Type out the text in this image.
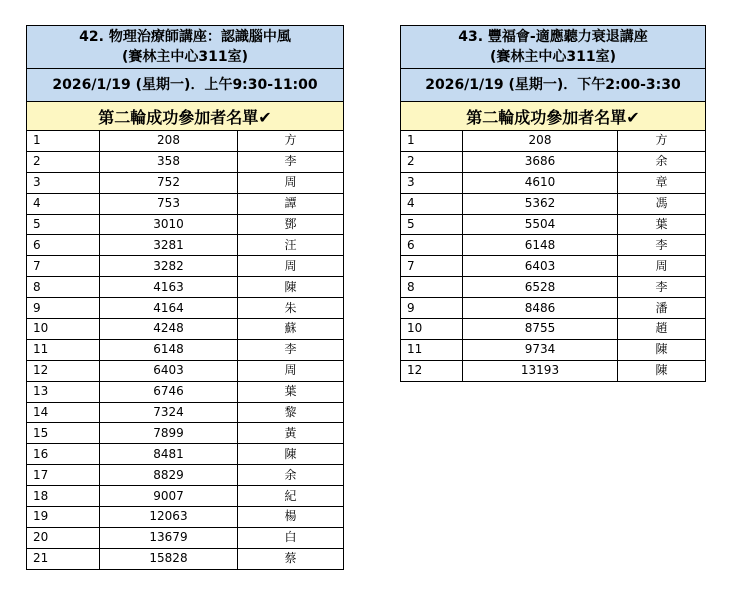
42. 物理治療師講座：認識腦中風
(賽林主中心311室)		

2026/1/19 (星期一)．上午9:30-11:00		
第二輪成功參加者名單✔		
1	208	方
2	358	李
3	752	周
4	753	譚
5	3010	鄧
6	3281	汪
7	3282	周
8	4163	陳
9	4164	朱
10	4248	蘇
11	6148	李
12	6403	周
13	6746	葉
14	7324	黎
15	7899	黃
16	8481	陳
17	8829	余
18	9007	紀
19	12063	楊
20	13679	白
21	15828	蔡
43. 豐福會-適應聽力衰退講座
(賽林主中心311室)		

2026/1/19 (星期一)．下午2:00-3:30		
第二輪成功參加者名單✔		
1	208	方
2	3686	余
3	4610	章
4	5362	馮
5	5504	葉
6	6148	李
7	6403	周
8	6528	李
9	8486	潘
10	8755	趙
11	9734	陳
12	13193	陳
